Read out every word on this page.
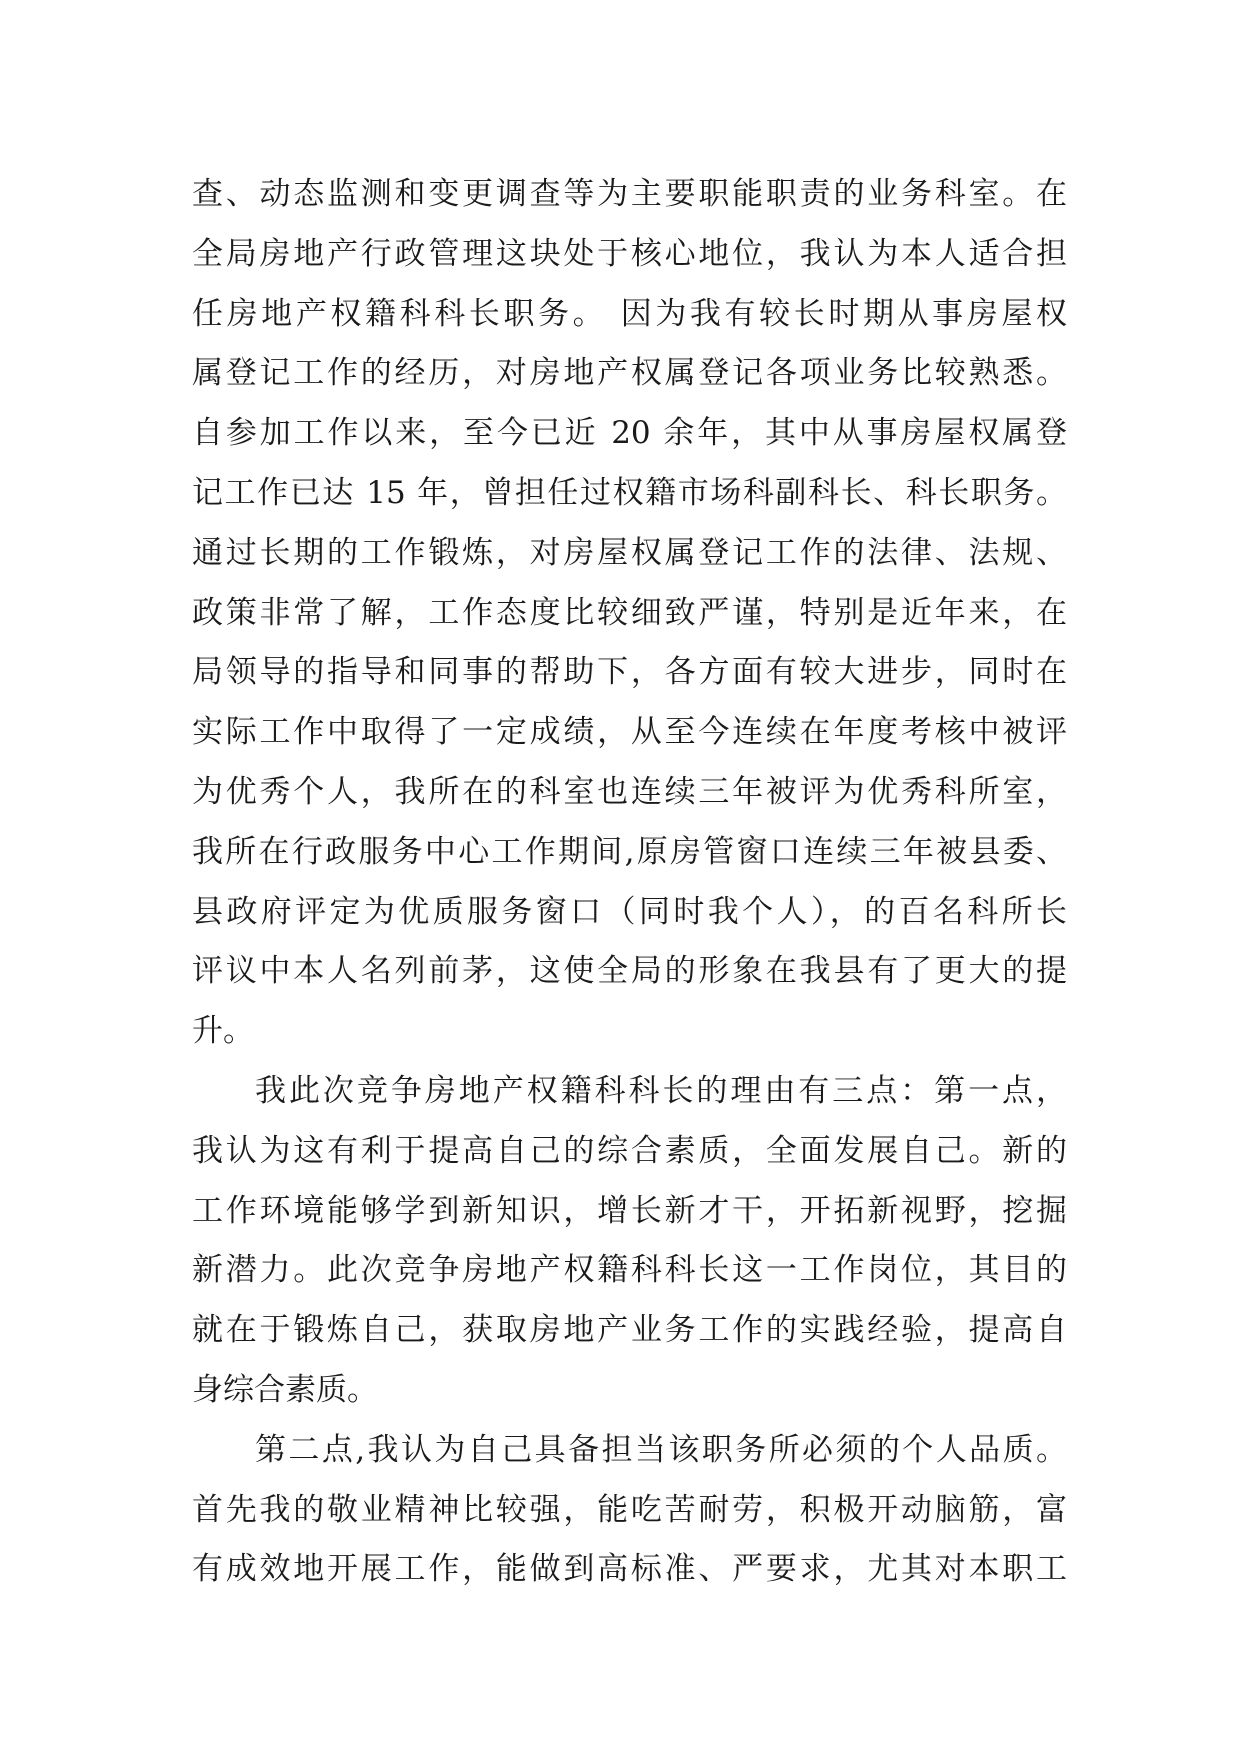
查、动态监测和变更调查等为主要职能职责的业务科室。在
全局房地产行政管理这块处于核心地位，我认为本人适合担
任房地产权籍科科长职务。 因为我有较长时期从事房屋权
属登记工作的经历，对房地产权属登记各项业务比较熟悉。
自参加工作以来，至今已近 20 余年，其中从事房屋权属登
记工作已达 15 年，曾担任过权籍市场科副科长、科长职务。
通过长期的工作锻炼，对房屋权属登记工作的法律、法规、
政策非常了解，工作态度比较细致严谨，特别是近年来，在
局领导的指导和同事的帮助下，各方面有较大进步，同时在
实际工作中取得了一定成绩，从至今连续在年度考核中被评
为优秀个人，我所在的科室也连续三年被评为优秀科所室，
我所在行政服务中心工作期间,原房管窗口连续三年被县委、
县政府评定为优质服务窗口（同时我个人），的百名科所长
评议中本人名列前茅，这使全局的形象在我县有了更大的提
升。
我此次竞争房地产权籍科科长的理由有三点：第一点，
我认为这有利于提高自己的综合素质，全面发展自己。新的
工作环境能够学到新知识，增长新才干，开拓新视野，挖掘
新潜力。此次竞争房地产权籍科科长这一工作岗位，其目的
就在于锻炼自己，获取房地产业务工作的实践经验，提高自
身综合素质。
第二点,我认为自己具备担当该职务所必须的个人品质。
首先我的敬业精神比较强，能吃苦耐劳，积极开动脑筋，富
有成效地开展工作，能做到高标准、严要求，尤其对本职工
